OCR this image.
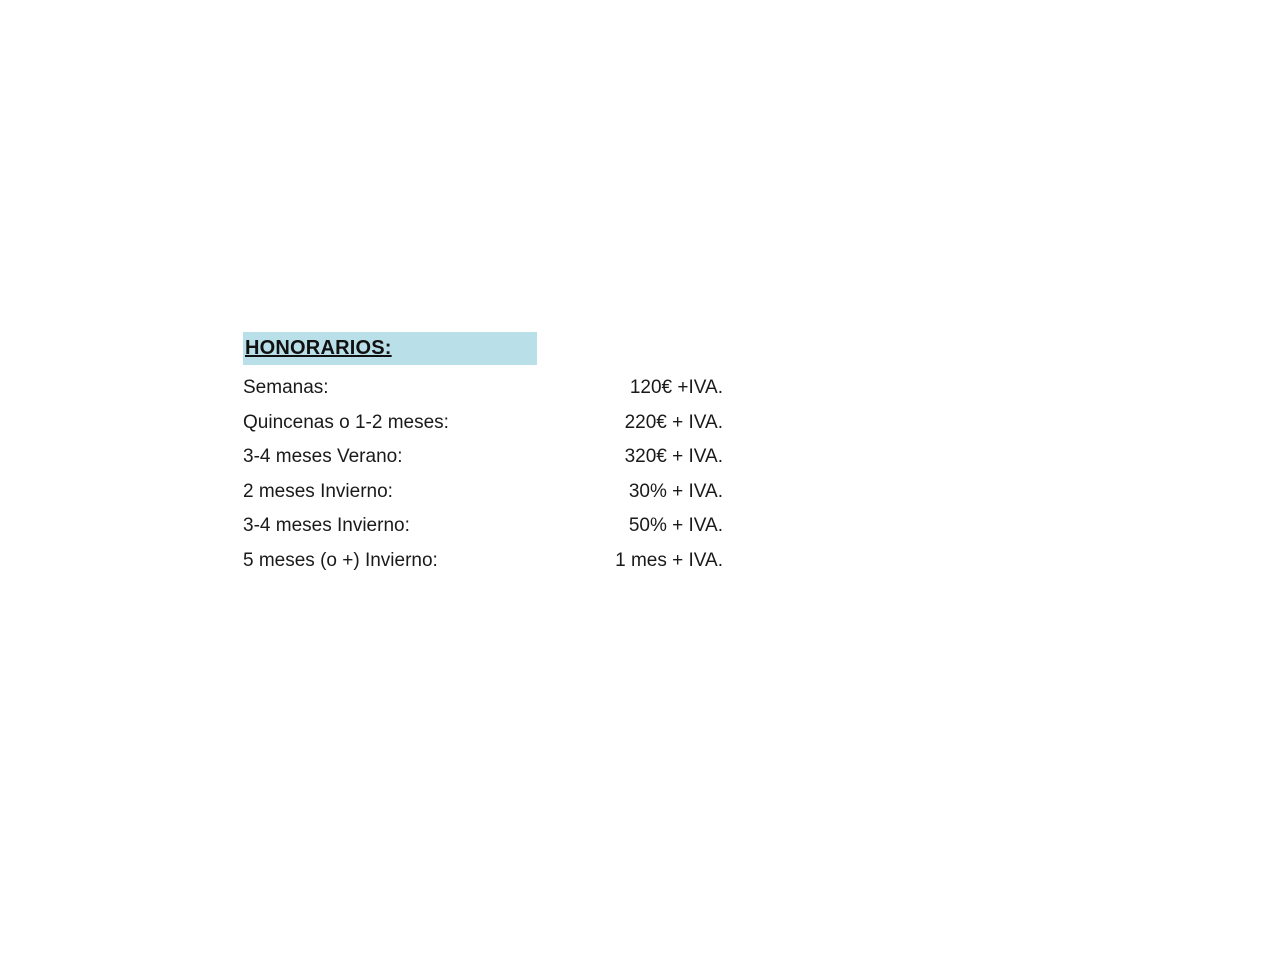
HONORARIOS:
Semanas:	120€ +IVA.
Quincenas o 1-2 meses:	220€ + IVA.
3-4 meses Verano:	320€ + IVA.
2 meses Invierno:	30% + IVA.
3-4 meses Invierno:	50% + IVA.
5 meses (o +) Invierno:	1 mes + IVA.
